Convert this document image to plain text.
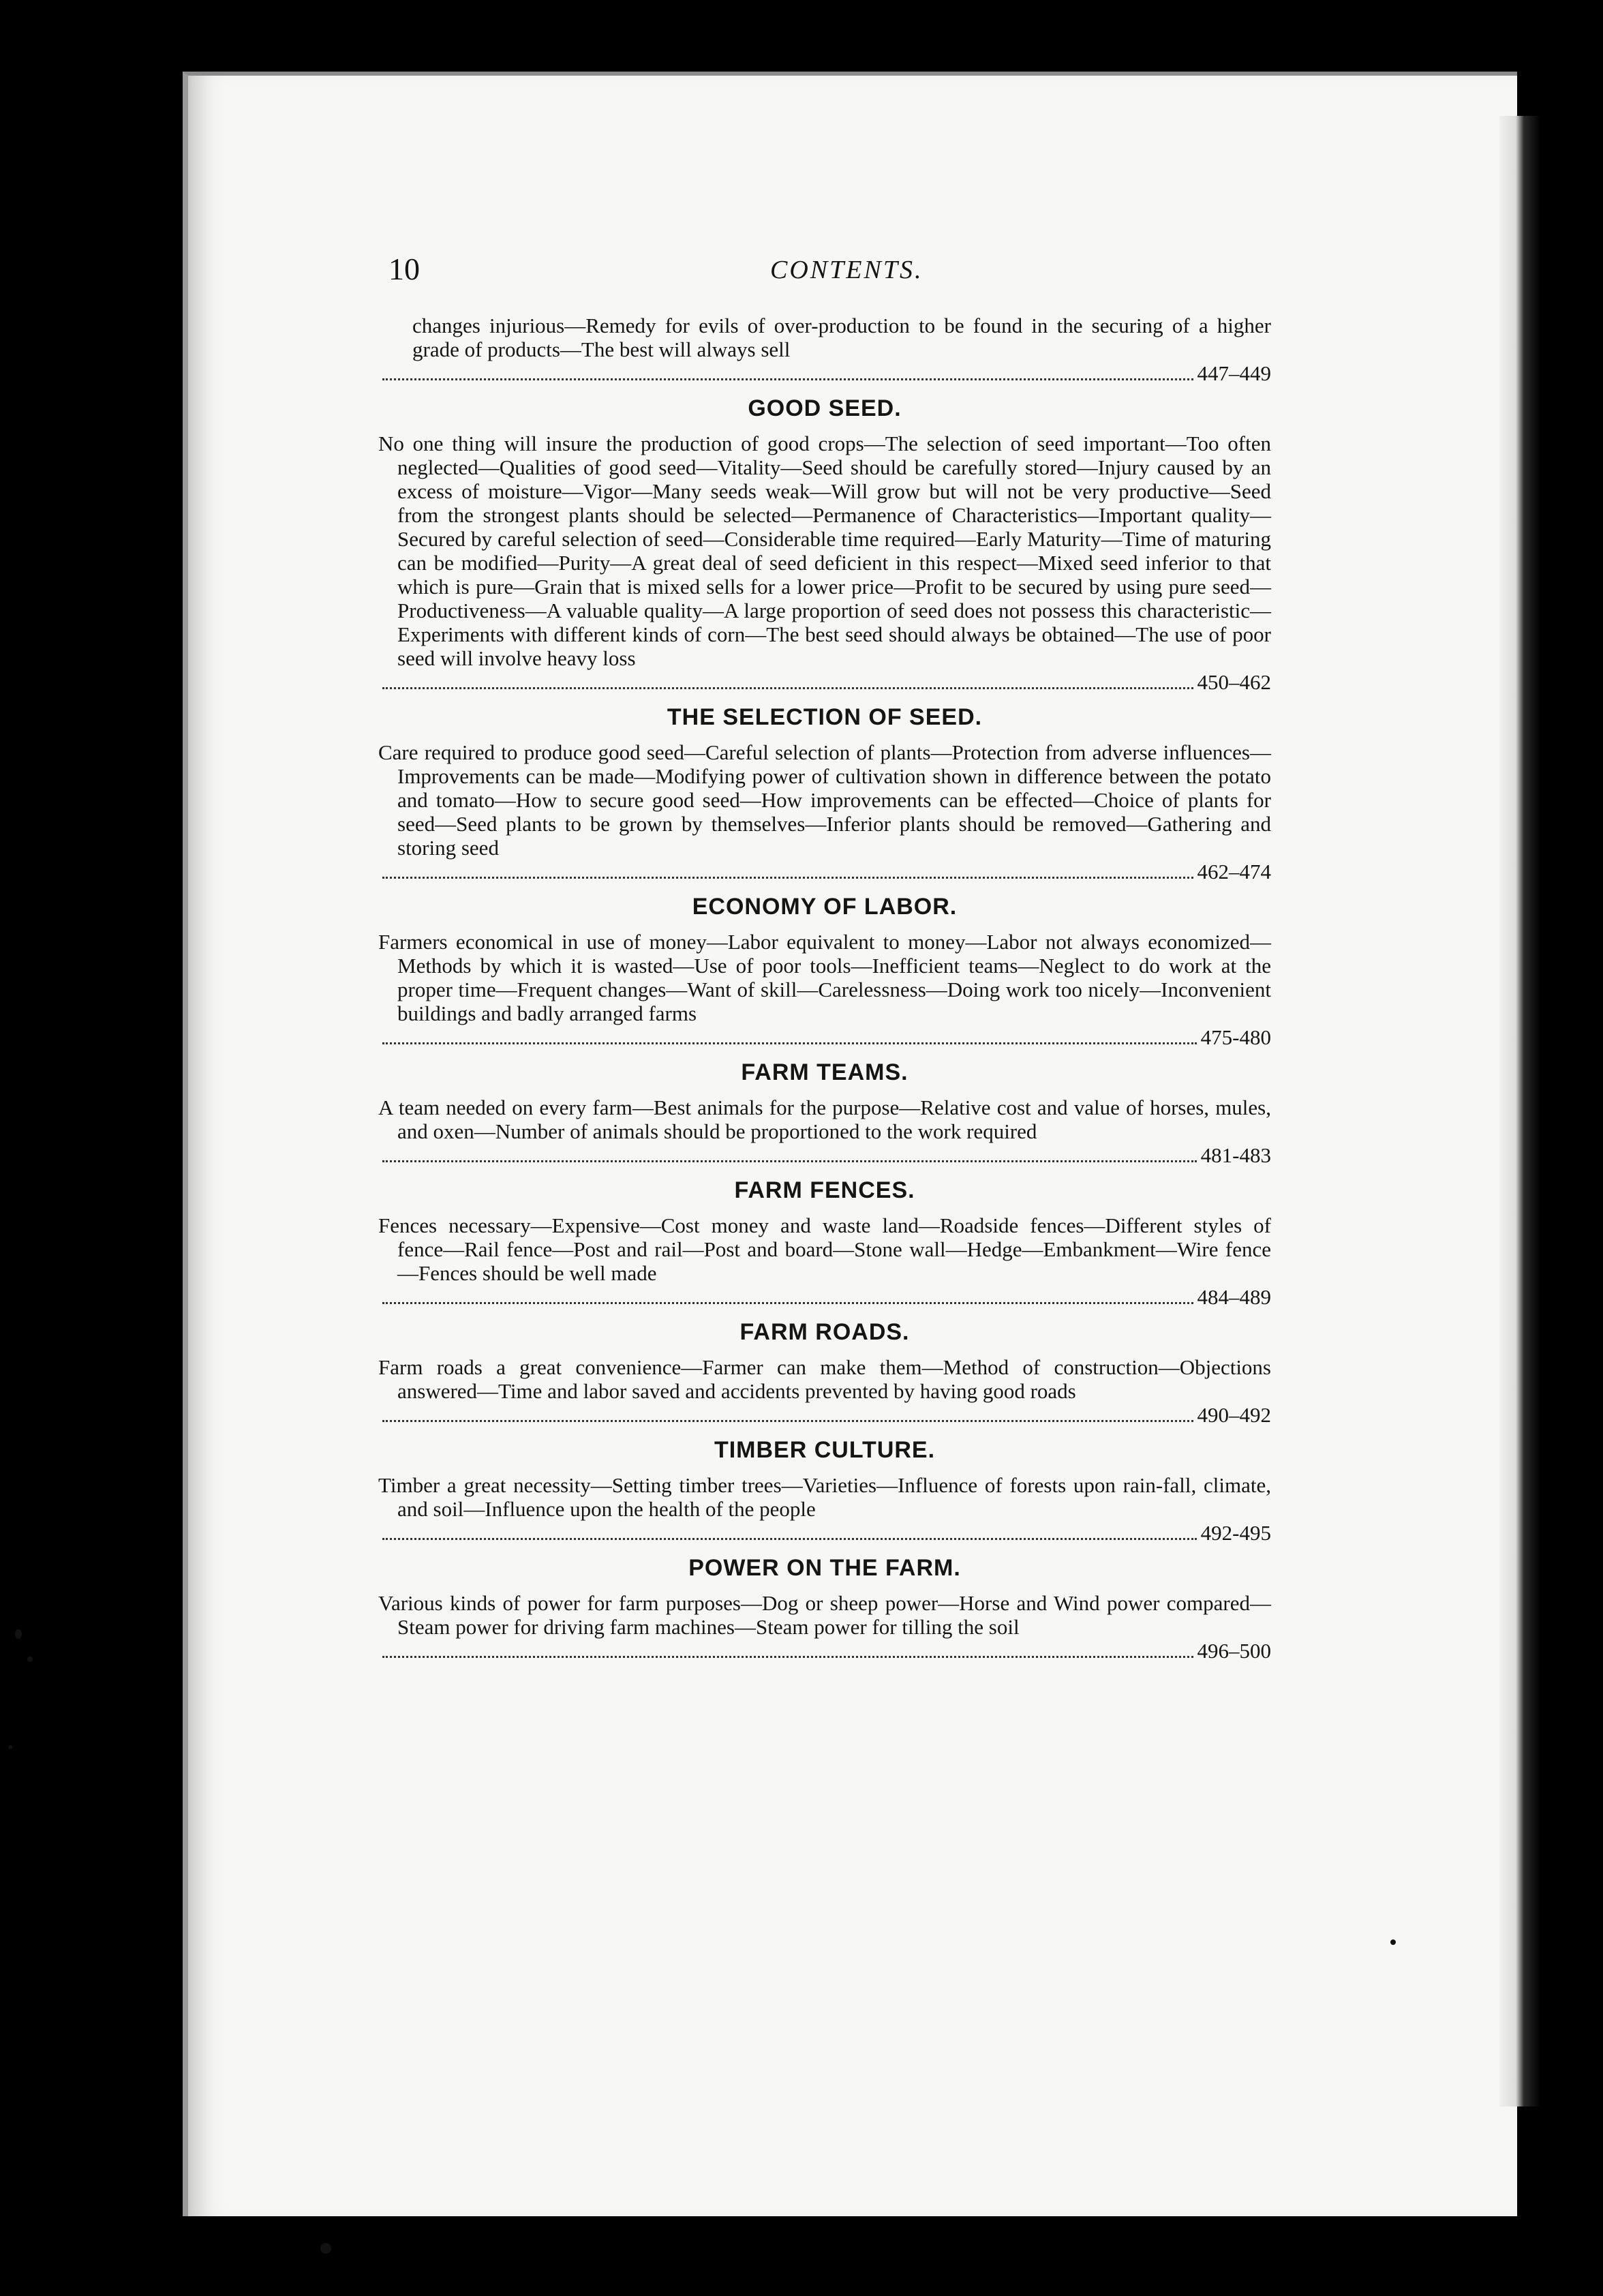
10	CONTENTS.
changes injurious—Remedy for evils of over-production to be found in the securing of a higher grade of products—The best will always sell
447–449
GOOD SEED.
No one thing will insure the production of good crops—The selection of seed important—Too often neglected—Qualities of good seed—Vitality—Seed should be carefully stored—Injury caused by an excess of moisture—Vigor—Many seeds weak—Will grow but will not be very productive—Seed from the strongest plants should be selected—Permanence of Characteristics—Important quality—Secured by careful selection of seed—Considerable time required—Early Maturity—Time of maturing can be modified—Purity—A great deal of seed deficient in this respect—Mixed seed inferior to that which is pure—Grain that is mixed sells for a lower price—Profit to be secured by using pure seed—Productiveness—A valuable quality—A large proportion of seed does not possess this characteristic—Experiments with different kinds of corn—The best seed should always be obtained—The use of poor seed will involve heavy loss
450–462
THE SELECTION OF SEED.
Care required to produce good seed—Careful selection of plants—Protection from adverse influences—Improvements can be made—Modifying power of cultivation shown in difference between the potato and tomato—How to secure good seed—How improvements can be effected—Choice of plants for seed—Seed plants to be grown by themselves—Inferior plants should be removed—Gathering and storing seed
462–474
ECONOMY OF LABOR.
Farmers economical in use of money—Labor equivalent to money—Labor not always economized—Methods by which it is wasted—Use of poor tools—Inefficient teams—Neglect to do work at the proper time—Frequent changes—Want of skill—Carelessness—Doing work too nicely—Inconvenient buildings and badly arranged farms
475-480
FARM TEAMS.
A team needed on every farm—Best animals for the purpose—Relative cost and value of horses, mules, and oxen—Number of animals should be proportioned to the work required
481-483
FARM FENCES.
Fences necessary—Expensive—Cost money and waste land—Roadside fences—Different styles of fence—Rail fence—Post and rail—Post and board—Stone wall—Hedge—Embankment—Wire fence—Fences should be well made
484–489
FARM ROADS.
Farm roads a great convenience—Farmer can make them—Method of construction—Objections answered—Time and labor saved and accidents prevented by having good roads
490–492
TIMBER CULTURE.
Timber a great necessity—Setting timber trees—Varieties—Influence of forests upon rain-fall, climate, and soil—Influence upon the health of the people
492-495
POWER ON THE FARM.
Various kinds of power for farm purposes—Dog or sheep power—Horse and Wind power compared—Steam power for driving farm machines—Steam power for tilling the soil
496–500
